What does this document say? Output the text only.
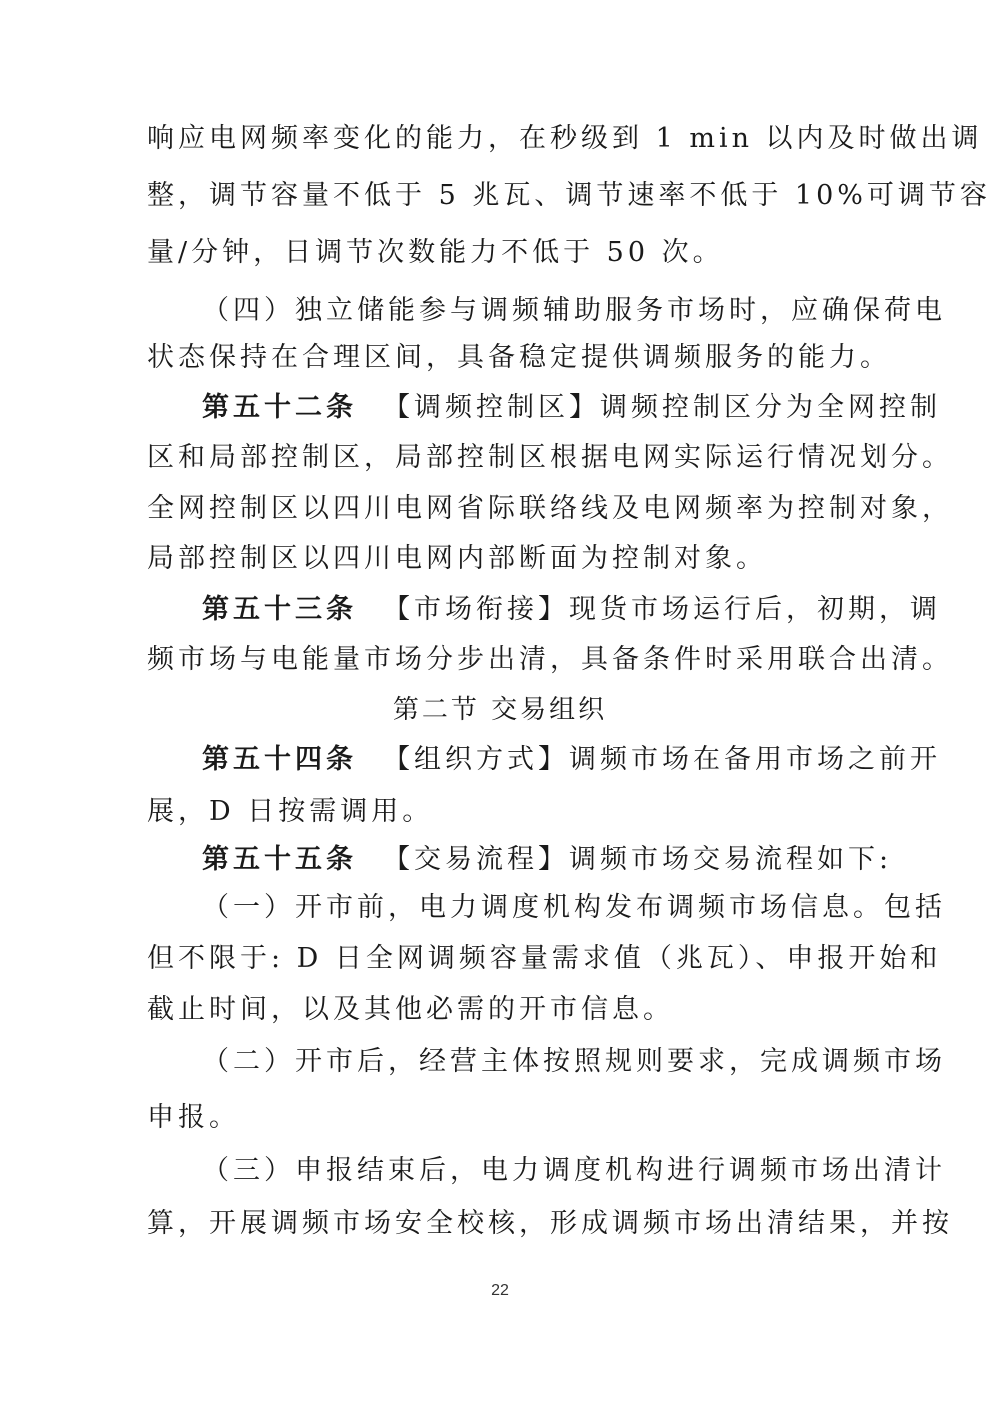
响应电网频率变化的能力，在秒级到 1 min 以内及时做出调
整，调节容量不低于 5 兆瓦、调节速率不低于 10%可调节容
量/分钟，日调节次数能力不低于 50 次。
（四）独立储能参与调频辅助服务市场时，应确保荷电
状态保持在合理区间，具备稳定提供调频服务的能力。
第五十二条 【调频控制区】调频控制区分为全网控制
区和局部控制区，局部控制区根据电网实际运行情况划分。
全网控制区以四川电网省际联络线及电网频率为控制对象，
局部控制区以四川电网内部断面为控制对象。
第五十三条 【市场衔接】现货市场运行后，初期，调
频市场与电能量市场分步出清，具备条件时采用联合出清。
第二节 交易组织
第五十四条 【组织方式】调频市场在备用市场之前开
展，D 日按需调用。
第五十五条 【交易流程】调频市场交易流程如下:
（一）开市前，电力调度机构发布调频市场信息。包括
但不限于: D 日全网调频容量需求值（兆瓦）、申报开始和
截止时间，以及其他必需的开市信息。
（二）开市后，经营主体按照规则要求，完成调频市场
申报。
（三）申报结束后，电力调度机构进行调频市场出清计
算，开展调频市场安全校核，形成调频市场出清结果，并按
22
